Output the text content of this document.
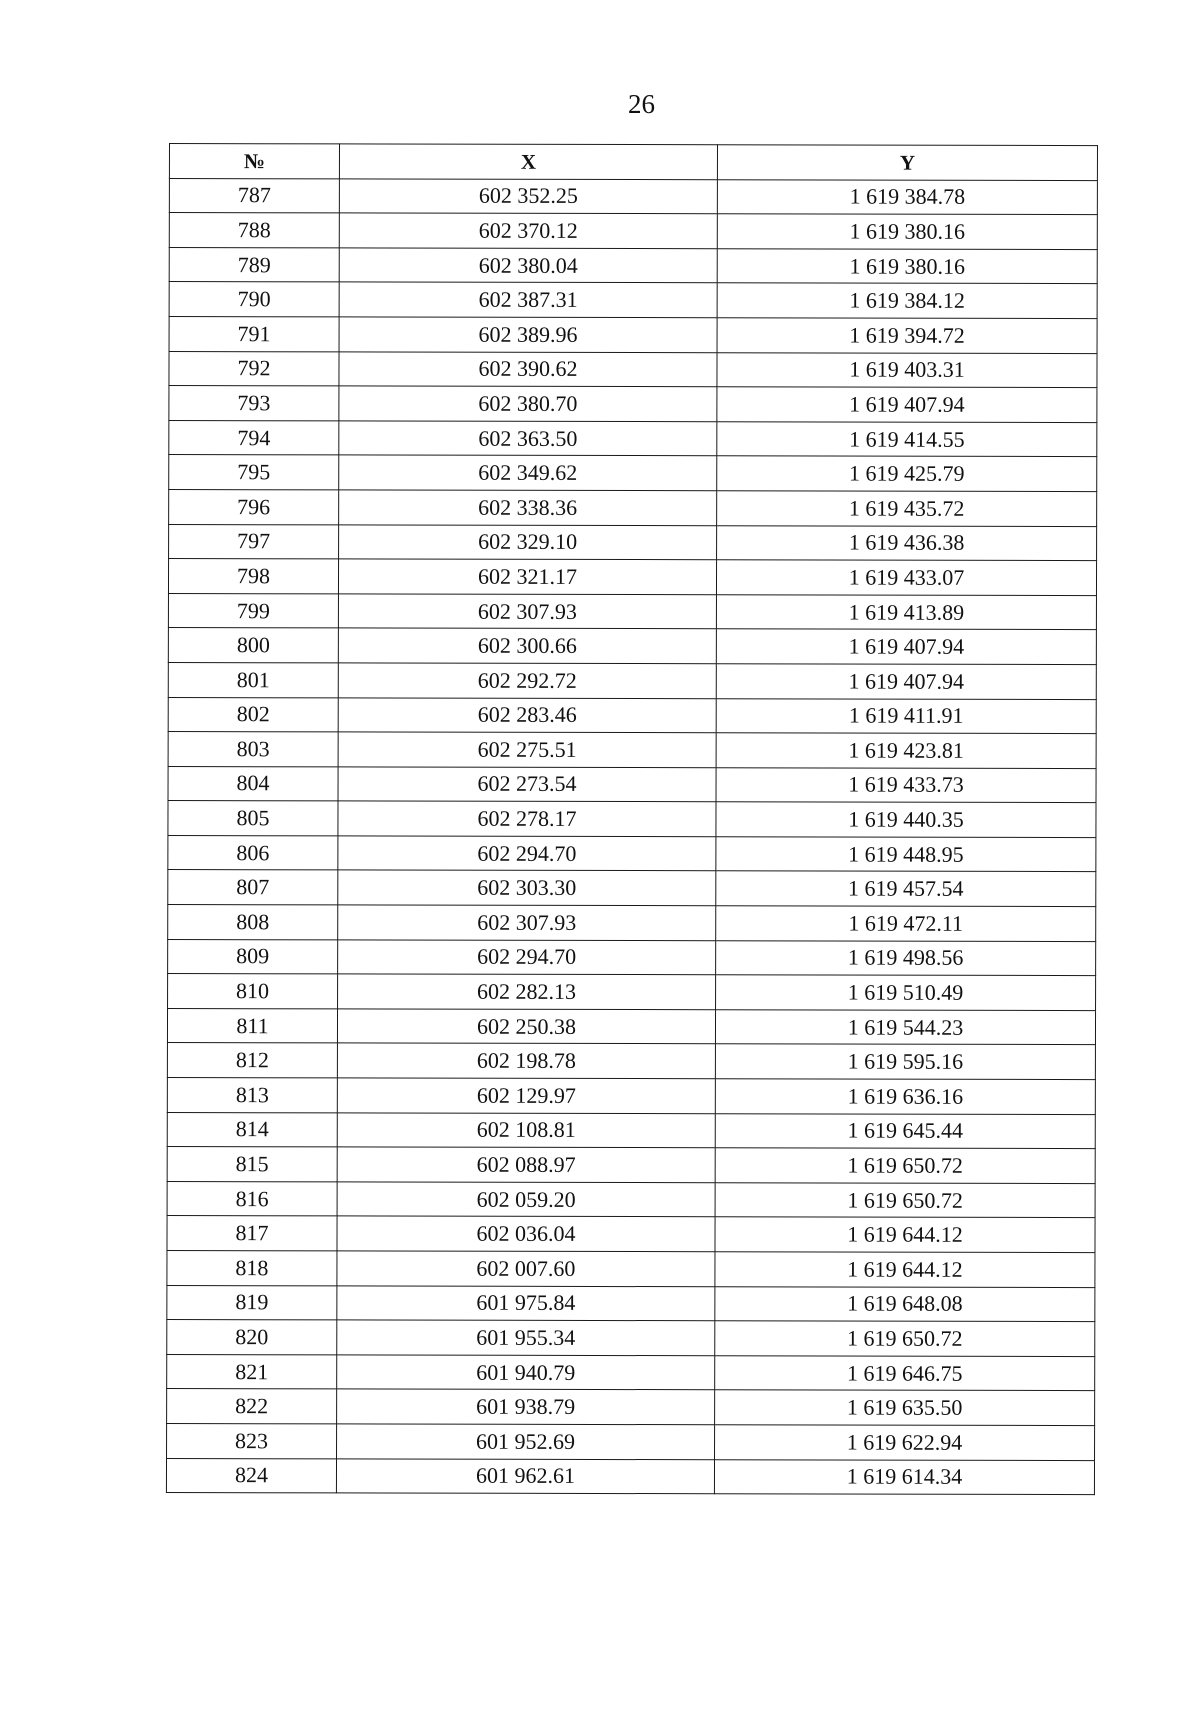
26
№	X	Y
787	602 352.25	1 619 384.78
788	602 370.12	1 619 380.16
789	602 380.04	1 619 380.16
790	602 387.31	1 619 384.12
791	602 389.96	1 619 394.72
792	602 390.62	1 619 403.31
793	602 380.70	1 619 407.94
794	602 363.50	1 619 414.55
795	602 349.62	1 619 425.79
796	602 338.36	1 619 435.72
797	602 329.10	1 619 436.38
798	602 321.17	1 619 433.07
799	602 307.93	1 619 413.89
800	602 300.66	1 619 407.94
801	602 292.72	1 619 407.94
802	602 283.46	1 619 411.91
803	602 275.51	1 619 423.81
804	602 273.54	1 619 433.73
805	602 278.17	1 619 440.35
806	602 294.70	1 619 448.95
807	602 303.30	1 619 457.54
808	602 307.93	1 619 472.11
809	602 294.70	1 619 498.56
810	602 282.13	1 619 510.49
811	602 250.38	1 619 544.23
812	602 198.78	1 619 595.16
813	602 129.97	1 619 636.16
814	602 108.81	1 619 645.44
815	602 088.97	1 619 650.72
816	602 059.20	1 619 650.72
817	602 036.04	1 619 644.12
818	602 007.60	1 619 644.12
819	601 975.84	1 619 648.08
820	601 955.34	1 619 650.72
821	601 940.79	1 619 646.75
822	601 938.79	1 619 635.50
823	601 952.69	1 619 622.94
824	601 962.61	1 619 614.34
